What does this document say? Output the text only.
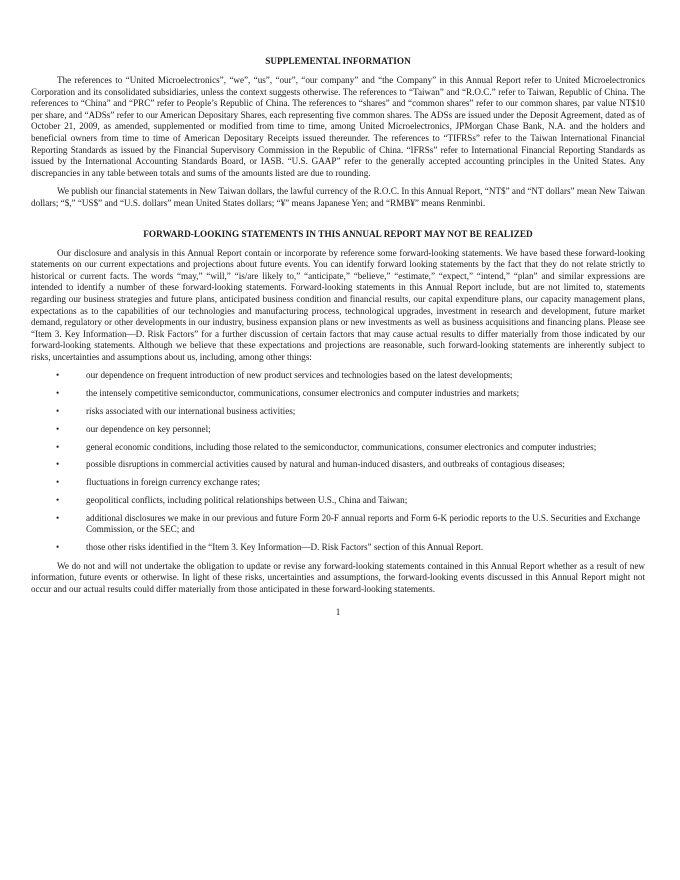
SUPPLEMENTAL INFORMATION

The references to “United Microelectronics”, “we”, “us”, “our”, “our company” and “the Company” in this Annual Report refer to United Microelectronics Corporation and its consolidated subsidiaries, unless the context suggests otherwise. The references to “Taiwan” and “R.O.C.” refer to Taiwan, Republic of China. The references to “China” and “PRC” refer to People’s Republic of China. The references to “shares” and “common shares” refer to our common shares, par value NT$10 per share, and “ADSs” refer to our American Depositary Shares, each representing five common shares. The ADSs are issued under the Deposit Agreement, dated as of October 21, 2009, as amended, supplemented or modified from time to time, among United Microelectronics, JPMorgan Chase Bank, N.A. and the holders and beneficial owners from time to time of American Depositary Receipts issued thereunder. The references to “TIFRSs” refer to the Taiwan International Financial Reporting Standards as issued by the Financial Supervisory Commission in the Republic of China. “IFRSs” refer to International Financial Reporting Standards as issued by the International Accounting Standards Board, or IASB. “U.S. GAAP” refer to the generally accepted accounting principles in the United States. Any discrepancies in any table between totals and sums of the amounts listed are due to rounding.

We publish our financial statements in New Taiwan dollars, the lawful currency of the R.O.C. In this Annual Report, “NT$” and “NT dollars” mean New Taiwan dollars; “$,” “US$” and “U.S. dollars” mean United States dollars; “¥” means Japanese Yen; and “RMB¥” means Renminbi.

FORWARD-LOOKING STATEMENTS IN THIS ANNUAL REPORT MAY NOT BE REALIZED

Our disclosure and analysis in this Annual Report contain or incorporate by reference some forward-looking statements. We have based these forward-looking statements on our current expectations and projections about future events. You can identify forward looking statements by the fact that they do not relate strictly to historical or current facts. The words “may,” “will,” “is/are likely to,” “anticipate,” “believe,” “estimate,” “expect,” “intend,” “plan” and similar expressions are intended to identify a number of these forward-looking statements. Forward-looking statements in this Annual Report include, but are not limited to, statements regarding our business strategies and future plans, anticipated business condition and financial results, our capital expenditure plans, our capacity management plans, expectations as to the capabilities of our technologies and manufacturing process, technological upgrades, investment in research and development, future market demand, regulatory or other developments in our industry, business expansion plans or new investments as well as business acquisitions and financing plans. Please see “Item 3. Key Information—D. Risk Factors” for a further discussion of certain factors that may cause actual results to differ materially from those indicated by our forward-looking statements. Although we believe that these expectations and projections are reasonable, such forward-looking statements are inherently subject to risks, uncertainties and assumptions about us, including, among other things:

•	our dependence on frequent introduction of new product services and technologies based on the latest developments;
•	the intensely competitive semiconductor, communications, consumer electronics and computer industries and markets;
•	risks associated with our international business activities;
•	our dependence on key personnel;
•	general economic conditions, including those related to the semiconductor, communications, consumer electronics and computer industries;
•	possible disruptions in commercial activities caused by natural and human-induced disasters, and outbreaks of contagious diseases;
•	fluctuations in foreign currency exchange rates;
•	geopolitical conflicts, including political relationships between U.S., China and Taiwan;
•	additional disclosures we make in our previous and future Form 20-F annual reports and Form 6-K periodic reports to the U.S. Securities and Exchange Commission, or the SEC; and
•	those other risks identified in the “Item 3. Key Information—D. Risk Factors” section of this Annual Report.

We do not and will not undertake the obligation to update or revise any forward-looking statements contained in this Annual Report whether as a result of new information, future events or otherwise. In light of these risks, uncertainties and assumptions, the forward-looking events discussed in this Annual Report might not occur and our actual results could differ materially from those anticipated in these forward-looking statements.

1
